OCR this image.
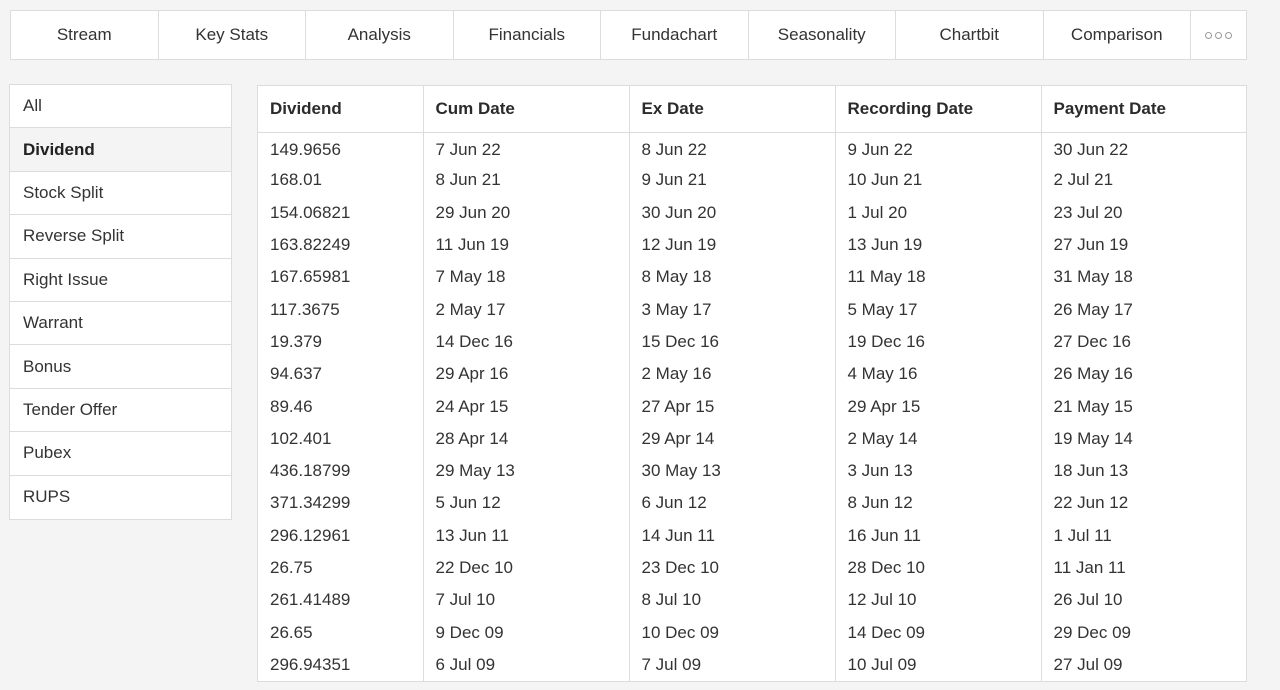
Stream	Key Stats	Analysis	Financials	Fundachart	Seasonality	Chartbit	Comparison
All
Dividend
Stock Split
Reverse Split
Right Issue
Warrant
Bonus
Tender Offer
Pubex
RUPS
Dividend	Cum Date	Ex Date	Recording Date	Payment Date
149.9656	7 Jun 22	8 Jun 22	9 Jun 22	30 Jun 22
168.01	8 Jun 21	9 Jun 21	10 Jun 21	2 Jul 21
154.06821	29 Jun 20	30 Jun 20	1 Jul 20	23 Jul 20
163.82249	11 Jun 19	12 Jun 19	13 Jun 19	27 Jun 19
167.65981	7 May 18	8 May 18	11 May 18	31 May 18
117.3675	2 May 17	3 May 17	5 May 17	26 May 17
19.379	14 Dec 16	15 Dec 16	19 Dec 16	27 Dec 16
94.637	29 Apr 16	2 May 16	4 May 16	26 May 16
89.46	24 Apr 15	27 Apr 15	29 Apr 15	21 May 15
102.401	28 Apr 14	29 Apr 14	2 May 14	19 May 14
436.18799	29 May 13	30 May 13	3 Jun 13	18 Jun 13
371.34299	5 Jun 12	6 Jun 12	8 Jun 12	22 Jun 12
296.12961	13 Jun 11	14 Jun 11	16 Jun 11	1 Jul 11
26.75	22 Dec 10	23 Dec 10	28 Dec 10	11 Jan 11
261.41489	7 Jul 10	8 Jul 10	12 Jul 10	26 Jul 10
26.65	9 Dec 09	10 Dec 09	14 Dec 09	29 Dec 09
296.94351	6 Jul 09	7 Jul 09	10 Jul 09	27 Jul 09
